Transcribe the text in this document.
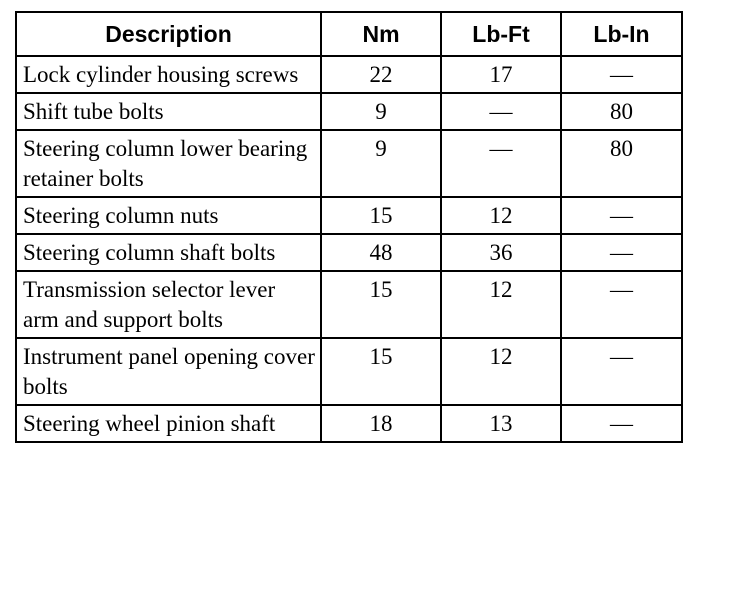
Description	Nm	Lb-Ft	Lb-In
Lock cylinder housing screws	22	17	—
Shift tube bolts	9	—	80
Steering column lower bearing retainer bolts	9	—	80
Steering column nuts	15	12	—
Steering column shaft bolts	48	36	—
Transmission selector lever arm and support bolts	15	12	—
Instrument panel opening cover bolts	15	12	—
Steering wheel pinion shaft	18	13	—
